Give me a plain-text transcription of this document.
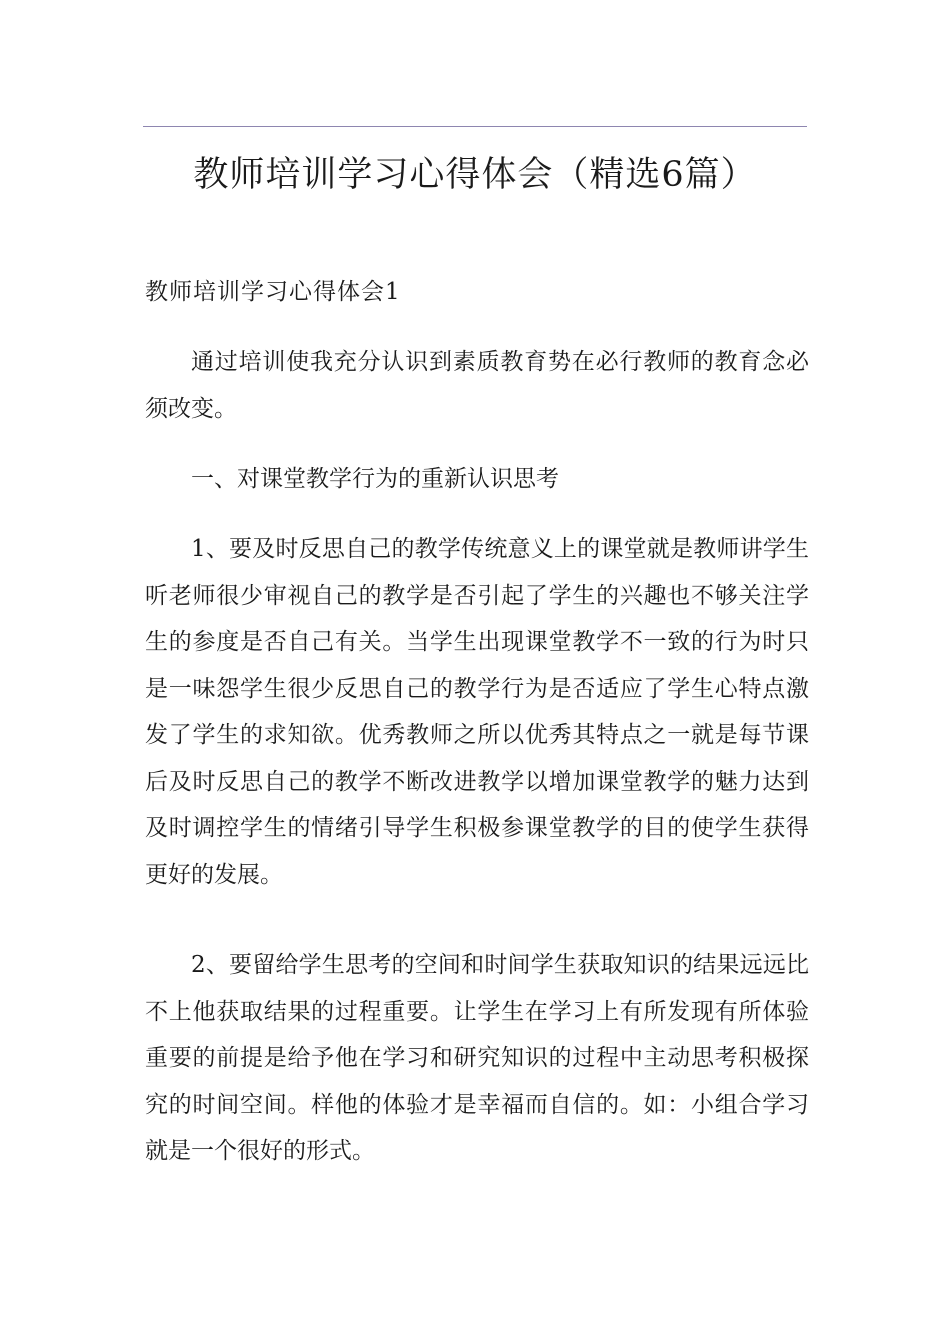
教师培训学习心得体会（精选6篇）
教师培训学习心得体会1

通过培训使我充分认识到素质教育势在必行教师的教育念必须改变。

一、对课堂教学行为的重新认识思考

1、要及时反思自己的教学传统意义上的课堂就是教师讲学生听老师很少审视自己的教学是否引起了学生的兴趣也不够关注学生的参度是否自己有关。当学生出现课堂教学不一致的行为时只是一味怨学生很少反思自己的教学行为是否适应了学生心特点激发了学生的求知欲。优秀教师之所以优秀其特点之一就是每节课后及时反思自己的教学不断改进教学以增加课堂教学的魅力达到及时调控学生的情绪引导学生积极参课堂教学的目的使学生获得更好的发展。

2、要留给学生思考的空间和时间学生获取知识的结果远远比不上他获取结果的过程重要。让学生在学习上有所发现有所体验重要的前提是给予他在学习和研究知识的过程中主动思考积极探究的时间空间。样他的体验才是幸福而自信的。如：小组合学习就是一个很好的形式。
